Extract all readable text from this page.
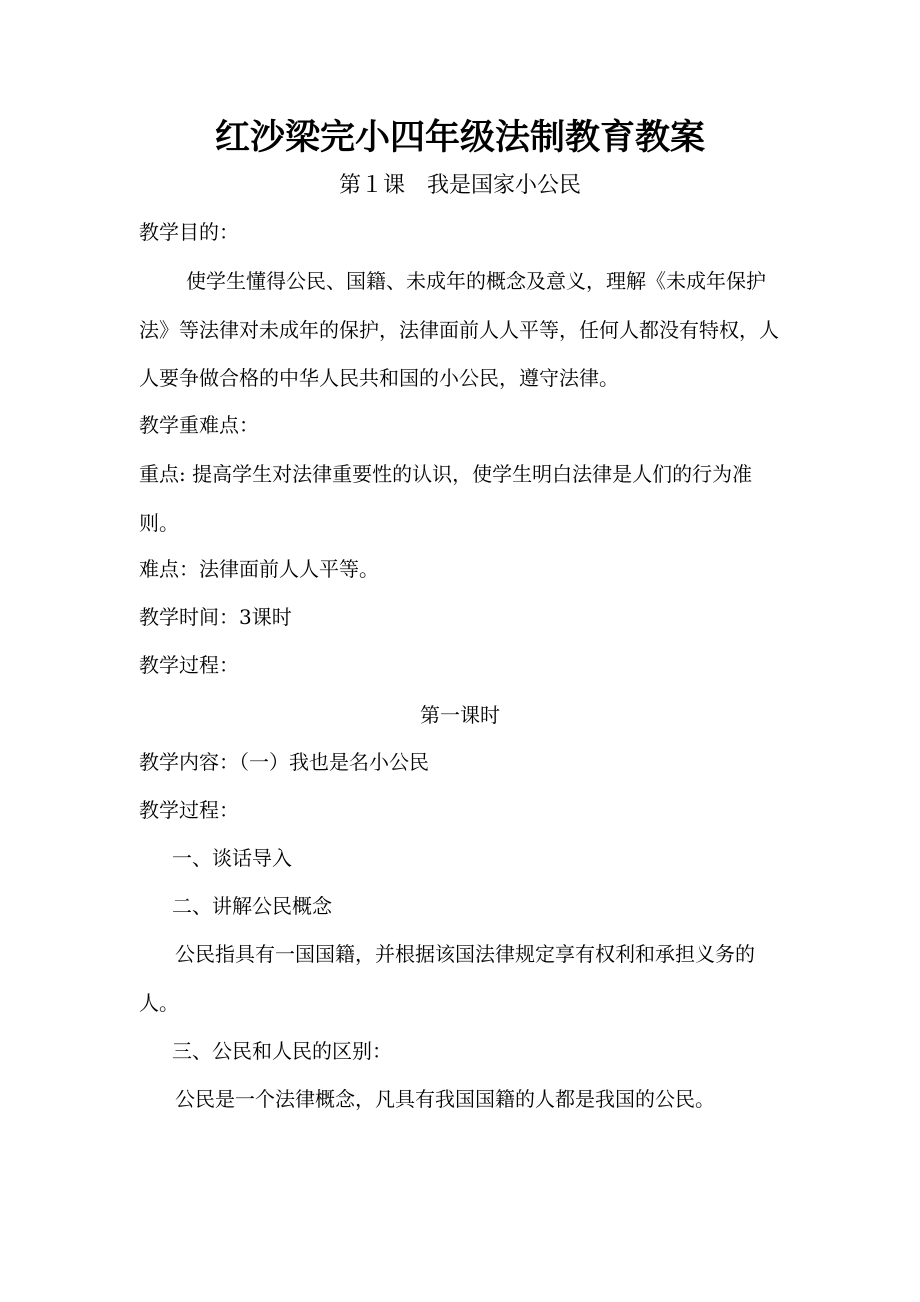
红沙梁完小四年级法制教育教案
第１课　我是国家小公民
教学目的：
使学生懂得公民、国籍、未成年的概念及意义，理解《未成年保护法》等法律对未成年的保护，法律面前人人平等，任何人都没有特权，人人要争做合格的中华人民共和国的小公民，遵守法律。
教学重难点：
重点: 提高学生对法律重要性的认识，使学生明白法律是人们的行为准则。
难点：法律面前人人平等。
教学时间：3课时
教学过程：
第一课时
教学内容：（一）我也是名小公民
教学过程：
一、谈话导入
二、讲解公民概念
公民指具有一国国籍，并根据该国法律规定享有权利和承担义务的人。
三、公民和人民的区别：
公民是一个法律概念，凡具有我国国籍的人都是我国的公民。
